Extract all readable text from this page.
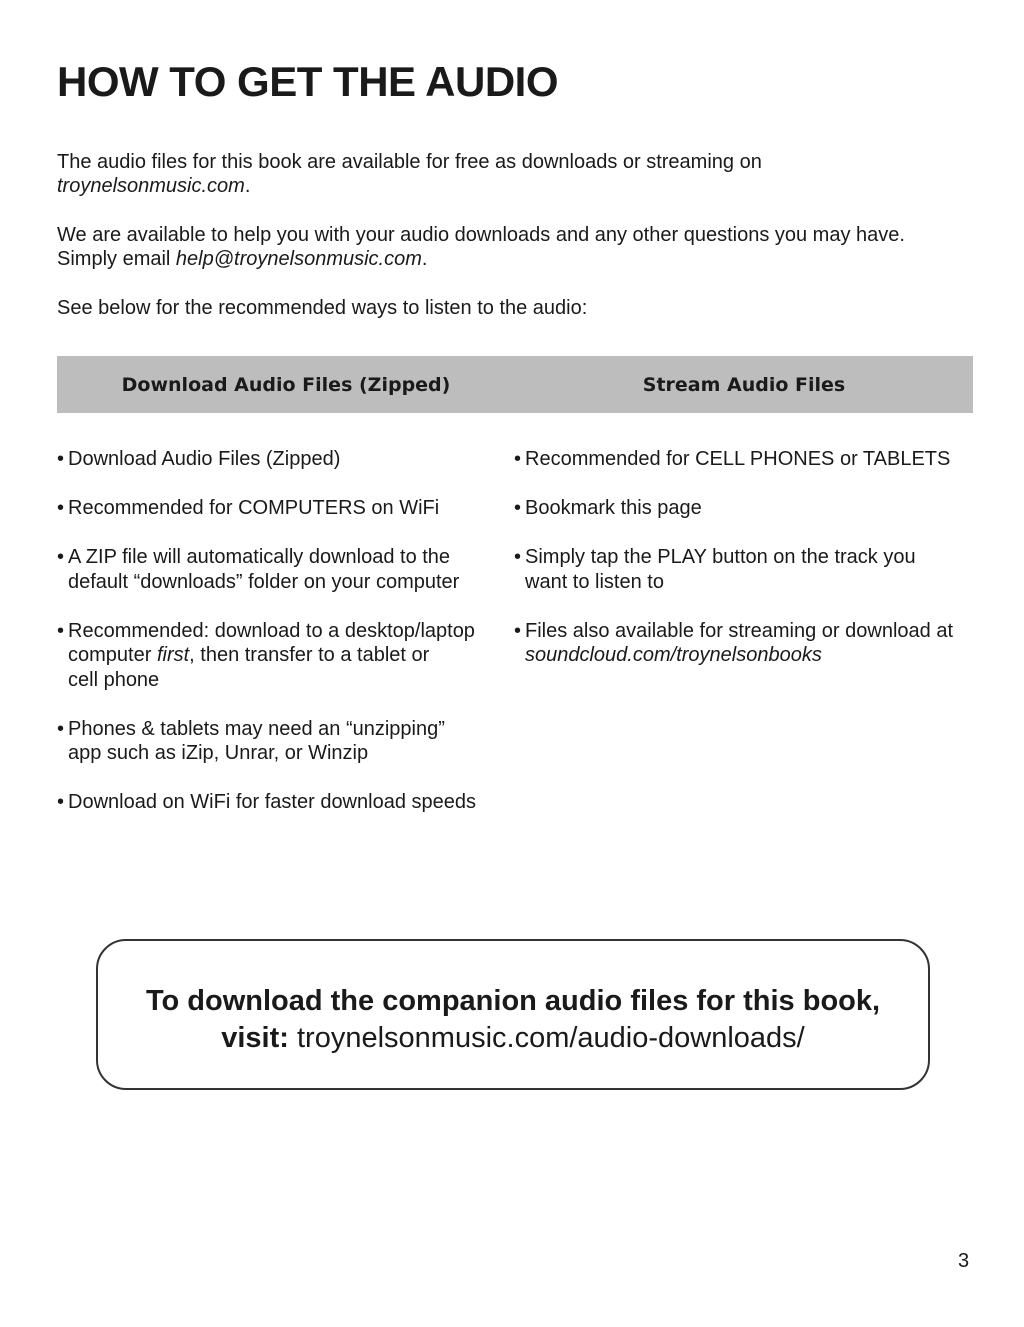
HOW TO GET THE AUDIO

The audio files for this book are available for free as downloads or streaming on
troynelsonmusic.com.

We are available to help you with your audio downloads and any other questions you may have.
Simply email help@troynelsonmusic.com.

See below for the recommended ways to listen to the audio:

Download Audio Files (Zipped)	Stream Audio Files
• Download Audio Files (Zipped)
• Recommended for COMPUTERS on WiFi
• A ZIP file will automatically download to the
default “downloads” folder on your computer
• Recommended: download to a desktop/laptop
computer first, then transfer to a tablet or
cell phone
• Phones & tablets may need an “unzipping”
app such as iZip, Unrar, or Winzip
• Download on WiFi for faster download speeds
• Recommended for CELL PHONES or TABLETS
• Bookmark this page
• Simply tap the PLAY button on the track you
want to listen to
• Files also available for streaming or download at
soundcloud.com/troynelsonbooks
To download the companion audio files for this book,
visit: troynelsonmusic.com/audio-downloads/
3
